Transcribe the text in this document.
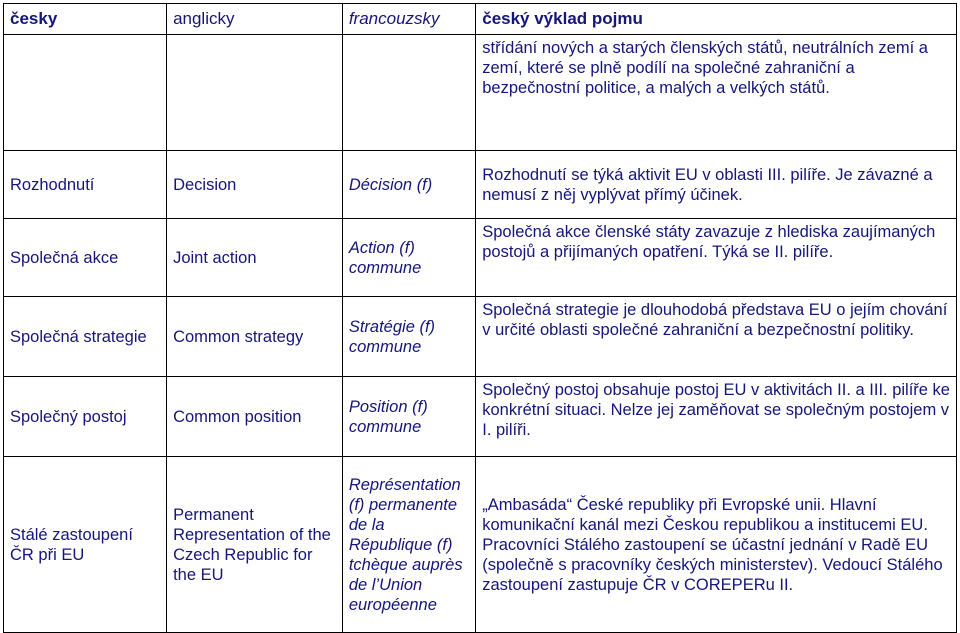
česky	anglicky	francouzsky	český výklad pojmu
			střídání nových a starých členských států, neutrálních zemí a zemí, které se plně podílí na společné zahraniční a bezpečnostní politice, a malých a velkých států.
Rozhodnutí	Decision	Décision (f)	Rozhodnutí se týká aktivit EU v oblasti III. pilíře. Je závazné a nemusí z něj vyplývat přímý účinek.
Společná akce	Joint action	Action (f) commune	Společná akce členské státy zavazuje z hlediska zaujímaných postojů a přijímaných opatření. Týká se II. pilíře.
Společná strategie	Common strategy	Stratégie (f) commune	Společná strategie je dlouhodobá představa EU o jejím chování v určité oblasti společné zahraniční a bezpečnostní politiky.
Společný postoj	Common position	Position (f) commune	Společný postoj obsahuje postoj EU v aktivitách II. a III. pilíře ke konkrétní situaci. Nelze jej zaměňovat se společným postojem v I. pilíři.
Stálé zastoupení ČR při EU	Permanent Representation of the Czech Republic for the EU	Représentation (f) permanente de la République (f) tchèque auprès de l’Union européenne	„Ambasáda“ České republiky při Evropské unii. Hlavní komunikační kanál mezi Českou republikou a institucemi EU. Pracovníci Stálého zastoupení se účastní jednání v Radě EU (společně s pracovníky českých ministerstev). Vedoucí Stálého zastoupení zastupuje ČR v COREPERu II.
